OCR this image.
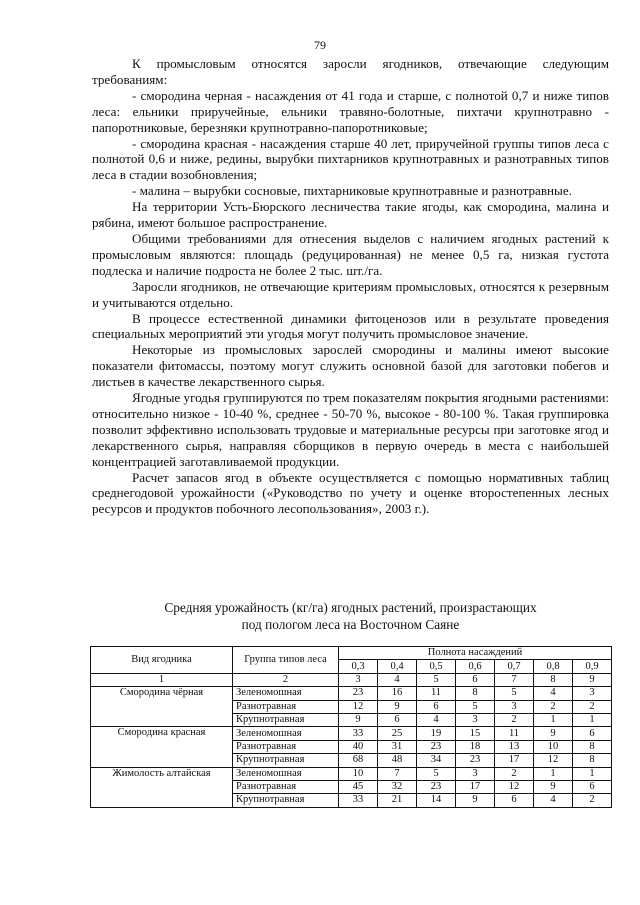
79

К промысловым относятся заросли ягодников, отвечающие следующим требованиям:

- смородина черная - насаждения от 41 года и старше, с полнотой 0,7 и ниже типов леса: ельники приручейные, ельники травяно-болотные, пихтачи крупнотравно - папоротниковые, березняки крупнотравно-папоротниковые;

- смородина красная - насаждения старше 40 лет, приручейной группы типов леса с полнотой 0,6 и ниже, редины, вырубки пихтарников крупнотравных и разнотравных типов леса в стадии возобновления;

- малина – вырубки сосновые, пихтарниковые крупнотравные и разнотравные.

На территории Усть-Бюрского лесничества такие ягоды, как смородина, малина и рябина, имеют большое распространение.

Общими требованиями для отнесения выделов с наличием ягодных растений к промысловым являются: площадь (редуцированная) не менее 0,5 га, низкая густота подлеска и наличие подроста не более 2 тыс. шт./га.

Заросли ягодников, не отвечающие критериям промысловых, относятся к резервным и учитываются отдельно.

В процессе естественной динамики фитоценозов или в результате проведения специальных мероприятий эти угодья могут получить промысловое значение.

Некоторые из промысловых зарослей смородины и малины имеют высокие показатели фитомассы, поэтому могут служить основной базой для заготовки побегов и листьев в качестве лекарственного сырья.

Ягодные угодья группируются по трем показателям покрытия ягодными растениями: относительно низкое - 10-40 %, среднее - 50-70 %, высокое - 80-100 %. Такая группировка позволит эффективно использовать трудовые и материальные ресурсы при заготовке ягод и лекарственного сырья, направляя сборщиков в первую очередь в места с наибольшей концентрацией заготавливаемой продукции.

Расчет запасов ягод в объекте осуществляется с помощью нормативных таблиц среднегодовой урожайности («Руководство по учету и оценке второстепенных лесных ресурсов и продуктов побочного лесопользования», 2003 г.).

Средняя урожайность (кг/га) ягодных растений, произрастающих
под пологом леса на Восточном Саяне
Вид ягодника	Группа типов леса	Полнота насаждений						
		0,3	0,4	0,5	0,6	0,7	0,8	0,9
1	2	3	4	5	6	7	8	9
Смородина чёрная	Зеленомошная	23	16	11	8	5	4	3
	Разнотравная	12	9	6	5	3	2	2
	Крупнотравная	9	6	4	3	2	1	1
Смородина красная	Зеленомошная	33	25	19	15	11	9	6
	Разнотравная	40	31	23	18	13	10	8
	Крупнотравная	68	48	34	23	17	12	8
Жимолость алтайская	Зеленомошная	10	7	5	3	2	1	1
	Разнотравная	45	32	23	17	12	9	6
	Крупнотравная	33	21	14	9	6	4	2
